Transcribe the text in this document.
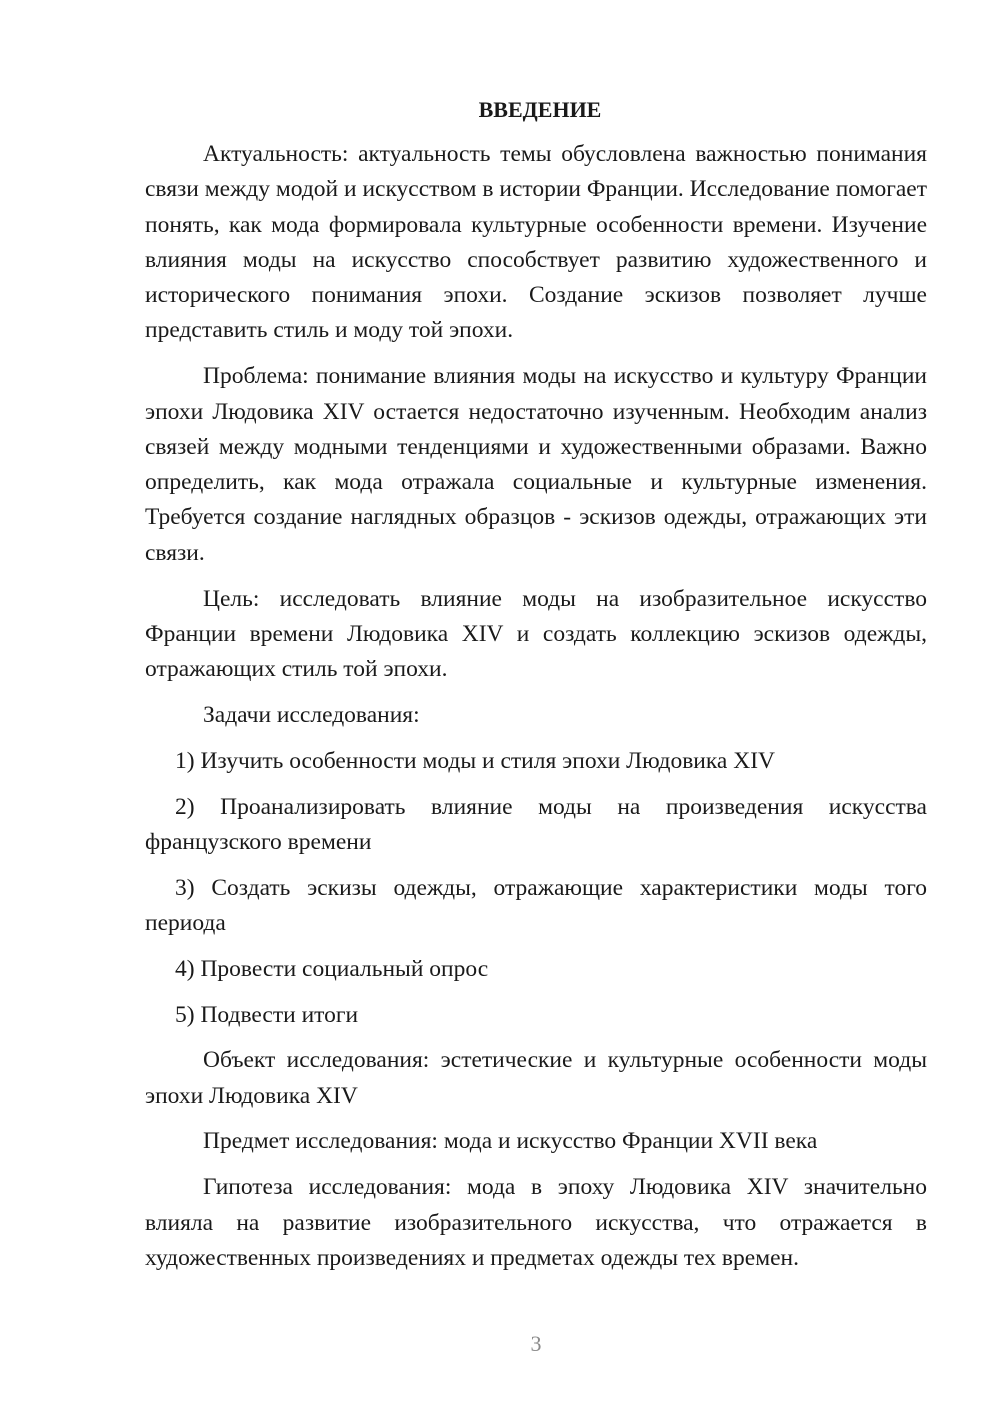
ВВЕДЕНИЕ

Актуальность: актуальность темы обусловлена важностью понимания связи между модой и искусством в истории Франции. Исследование помогает понять, как мода формировала культурные особенности времени. Изучение влияния моды на искусство способствует развитию художественного и исторического понимания эпохи. Создание эскизов позволяет лучше представить стиль и моду той эпохи.

Проблема: понимание влияния моды на искусство и культуру Франции эпохи Людовика XIV остается недостаточно изученным. Необходим анализ связей между модными тенденциями и художественными образами. Важно определить, как мода отражала социальные и культурные изменения. Требуется создание наглядных образцов - эскизов одежды, отражающих эти связи.

Цель: исследовать влияние моды на изобразительное искусство Франции времени Людовика XIV и создать коллекцию эскизов одежды, отражающих стиль той эпохи.

Задачи исследования:

1) Изучить особенности моды и стиля эпохи Людовика XIV

2) Проанализировать влияние моды на произведения искусства французского времени

3) Создать эскизы одежды, отражающие характеристики моды того периода

4) Провести социальный опрос

5) Подвести итоги

Объект исследования: эстетические и культурные особенности моды эпохи Людовика XIV

Предмет исследования: мода и искусство Франции XVII века

Гипотеза исследования: мода в эпоху Людовика XIV значительно влияла на развитие изобразительного искусства, что отражается в художественных произведениях и предметах одежды тех времен.

3
